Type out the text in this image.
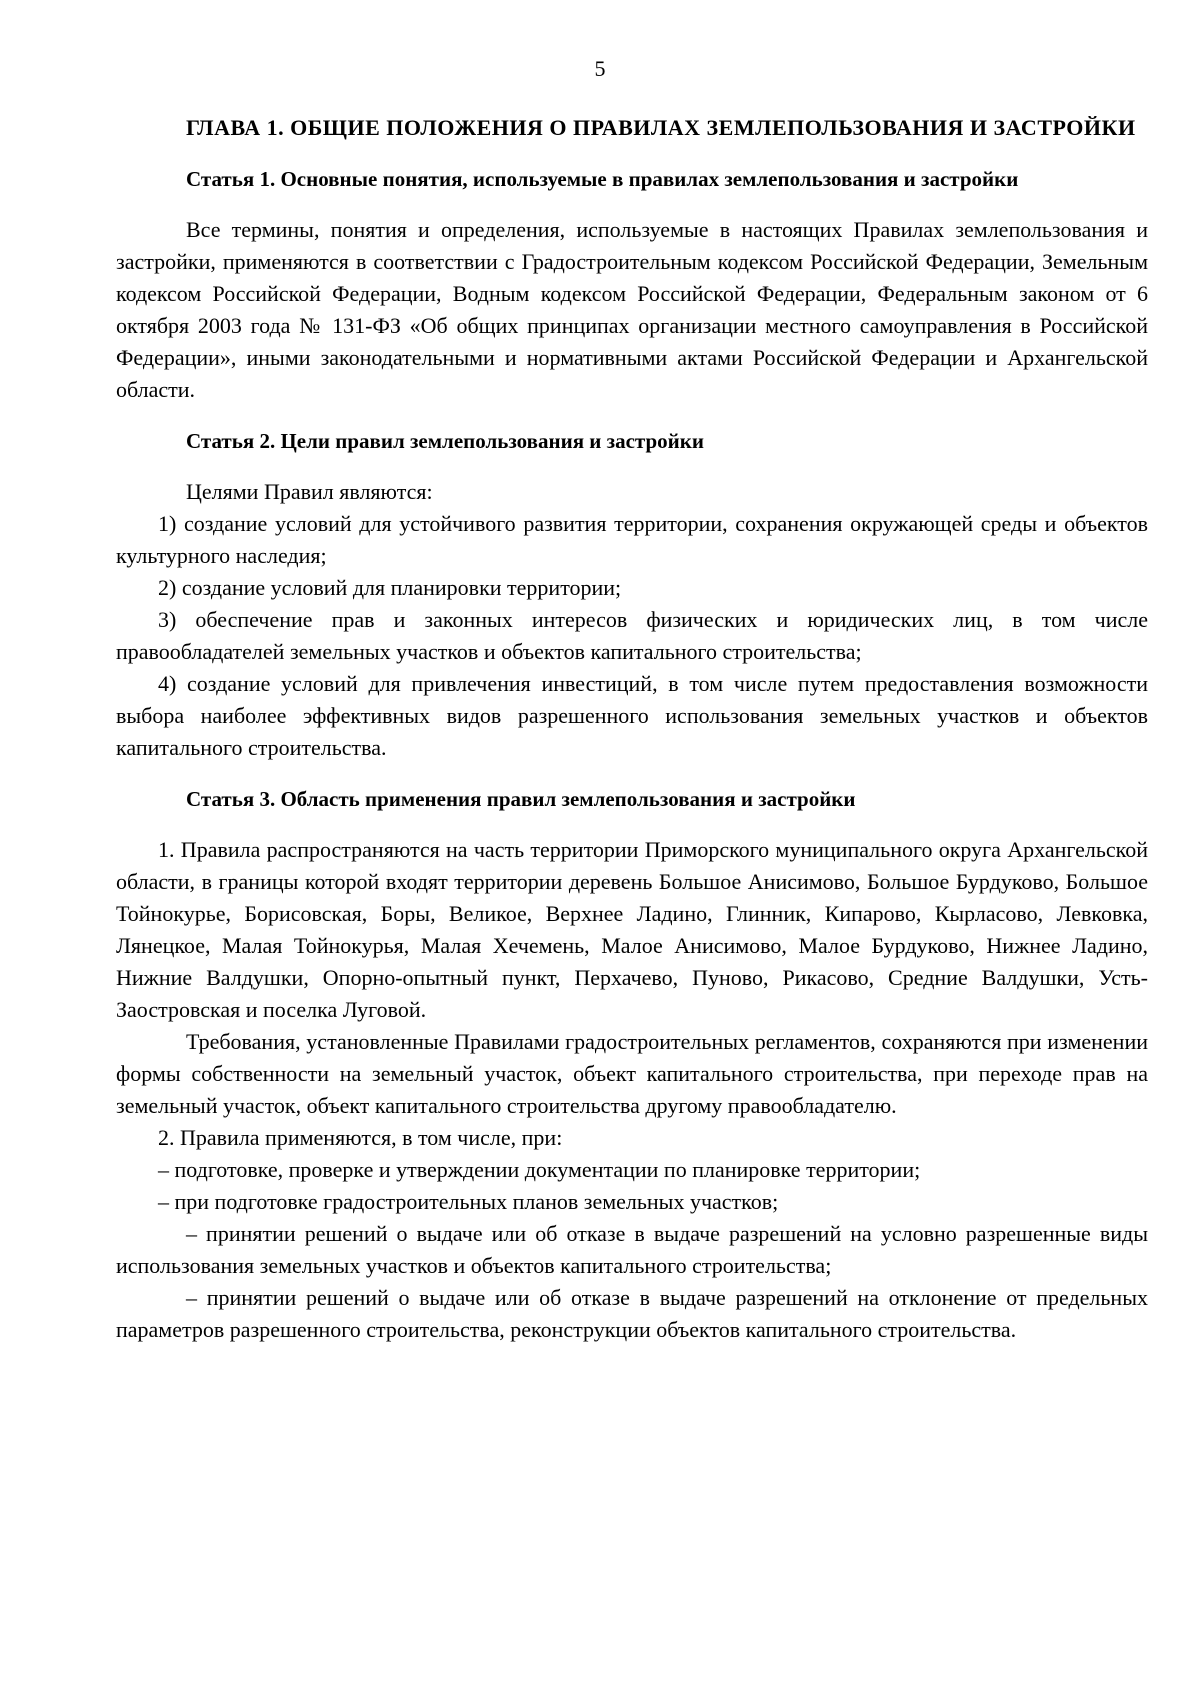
5
ГЛАВА 1. ОБЩИЕ ПОЛОЖЕНИЯ О ПРАВИЛАХ ЗЕМЛЕПОЛЬЗОВАНИЯ И ЗАСТРОЙКИ
Статья 1. Основные понятия, используемые в правилах землепользования и застройки

Все термины, понятия и определения, используемые в настоящих Правилах землепользования и застройки, применяются в соответствии с Градостроительным кодексом Российской Федерации, Земельным кодексом Российской Федерации, Водным кодексом Российской Федерации, Федеральным законом от 6 октября 2003 года № 131-ФЗ «Об общих принципах организации местного самоуправления в Российской Федерации», иными законодательными и нормативными актами Российской Федерации и Архангельской области.

Статья 2. Цели правил землепользования и застройки

Целями Правил являются:

1) создание условий для устойчивого развития территории, сохранения окружающей среды и объектов культурного наследия;

2) создание условий для планировки территории;

3) обеспечение прав и законных интересов физических и юридических лиц, в том числе правообладателей земельных участков и объектов капитального строительства;

4) создание условий для привлечения инвестиций, в том числе путем предоставления возможности выбора наиболее эффективных видов разрешенного использования земельных участков и объектов капитального строительства.

Статья 3. Область применения правил землепользования и застройки

1. Правила распространяются на часть территории Приморского муниципального округа Архангельской области, в границы которой входят территории деревень Большое Анисимово, Большое Бурдуково, Большое Тойнокурье, Борисовская, Боры, Великое, Верхнее Ладино, Глинник, Кипарово, Кырласово, Левковка, Лянецкое, Малая Тойнокурья, Малая Хечемень, Малое Анисимово, Малое Бурдуково, Нижнее Ладино, Нижние Валдушки, Опорно-опытный пункт, Перхачево, Пуново, Рикасово, Средние Валдушки, Усть-Заостровская и поселка Луговой.

Требования, установленные Правилами градостроительных регламентов, сохраняются при изменении формы собственности на земельный участок, объект капитального строительства, при переходе прав на земельный участок, объект капитального строительства другому правообладателю.

2. Правила применяются, в том числе, при:

– подготовке, проверке и утверждении документации по планировке территории;

– при подготовке градостроительных планов земельных участков;

– принятии решений о выдаче или об отказе в выдаче разрешений на условно разрешенные виды использования земельных участков и объектов капитального строительства;

– принятии решений о выдаче или об отказе в выдаче разрешений на отклонение от предельных параметров разрешенного строительства, реконструкции объектов капитального строительства.
